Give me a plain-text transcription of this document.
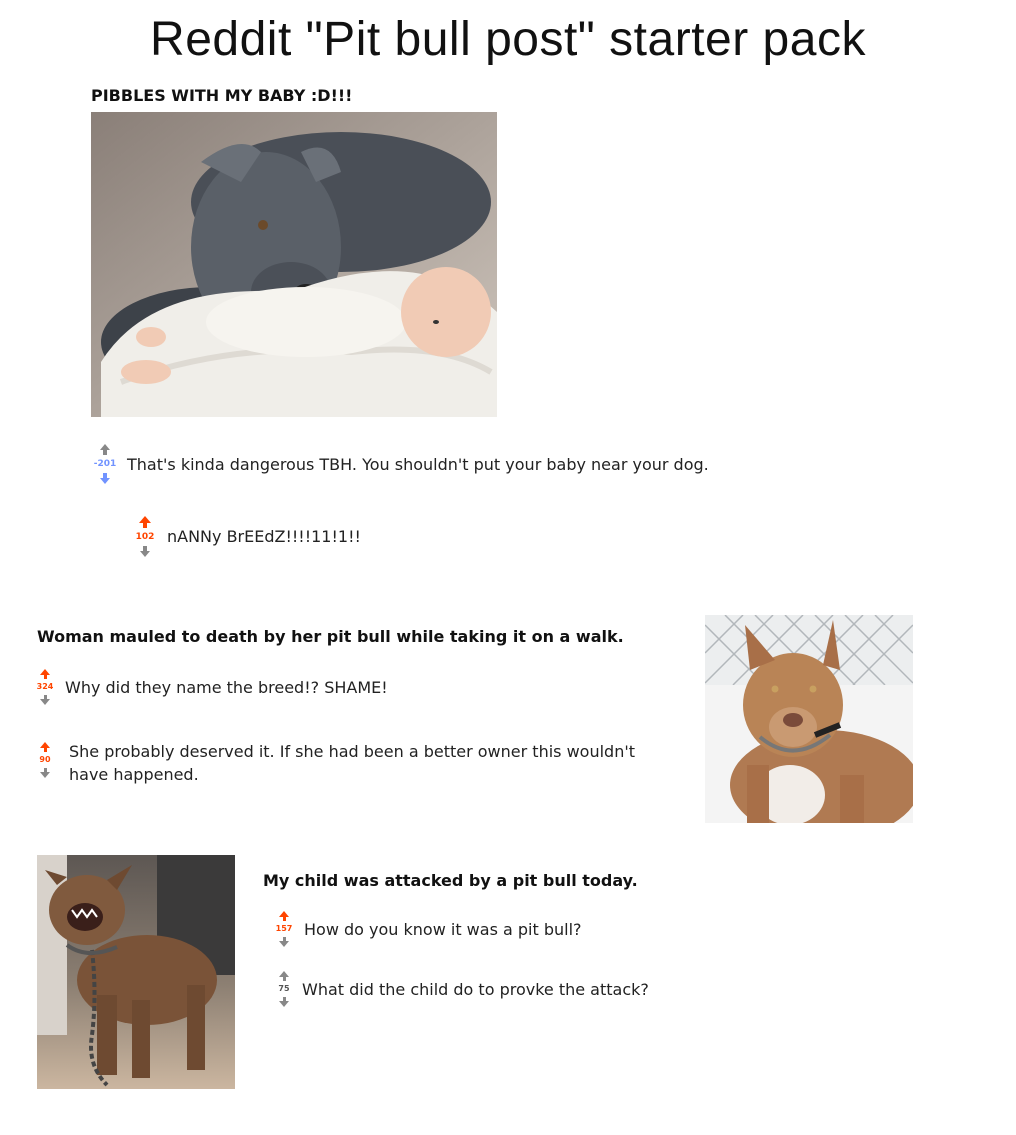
Reddit "Pit bull post" starter pack
PIBBLES WITH MY BABY :D!!!
-201 That's kinda dangerous TBH. You shouldn't put your baby near your dog.
102 nANNy BrEEdZ!!!!11!1!!
Woman mauled to death by her pit bull while taking it on a walk.
324 Why did they name the breed!? SHAME!
90 She probably deserved it. If she had been a better owner this wouldn't have happened.
My child was attacked by a pit bull today.
157 How do you know it was a pit bull?
75 What did the child do to provke the attack?
